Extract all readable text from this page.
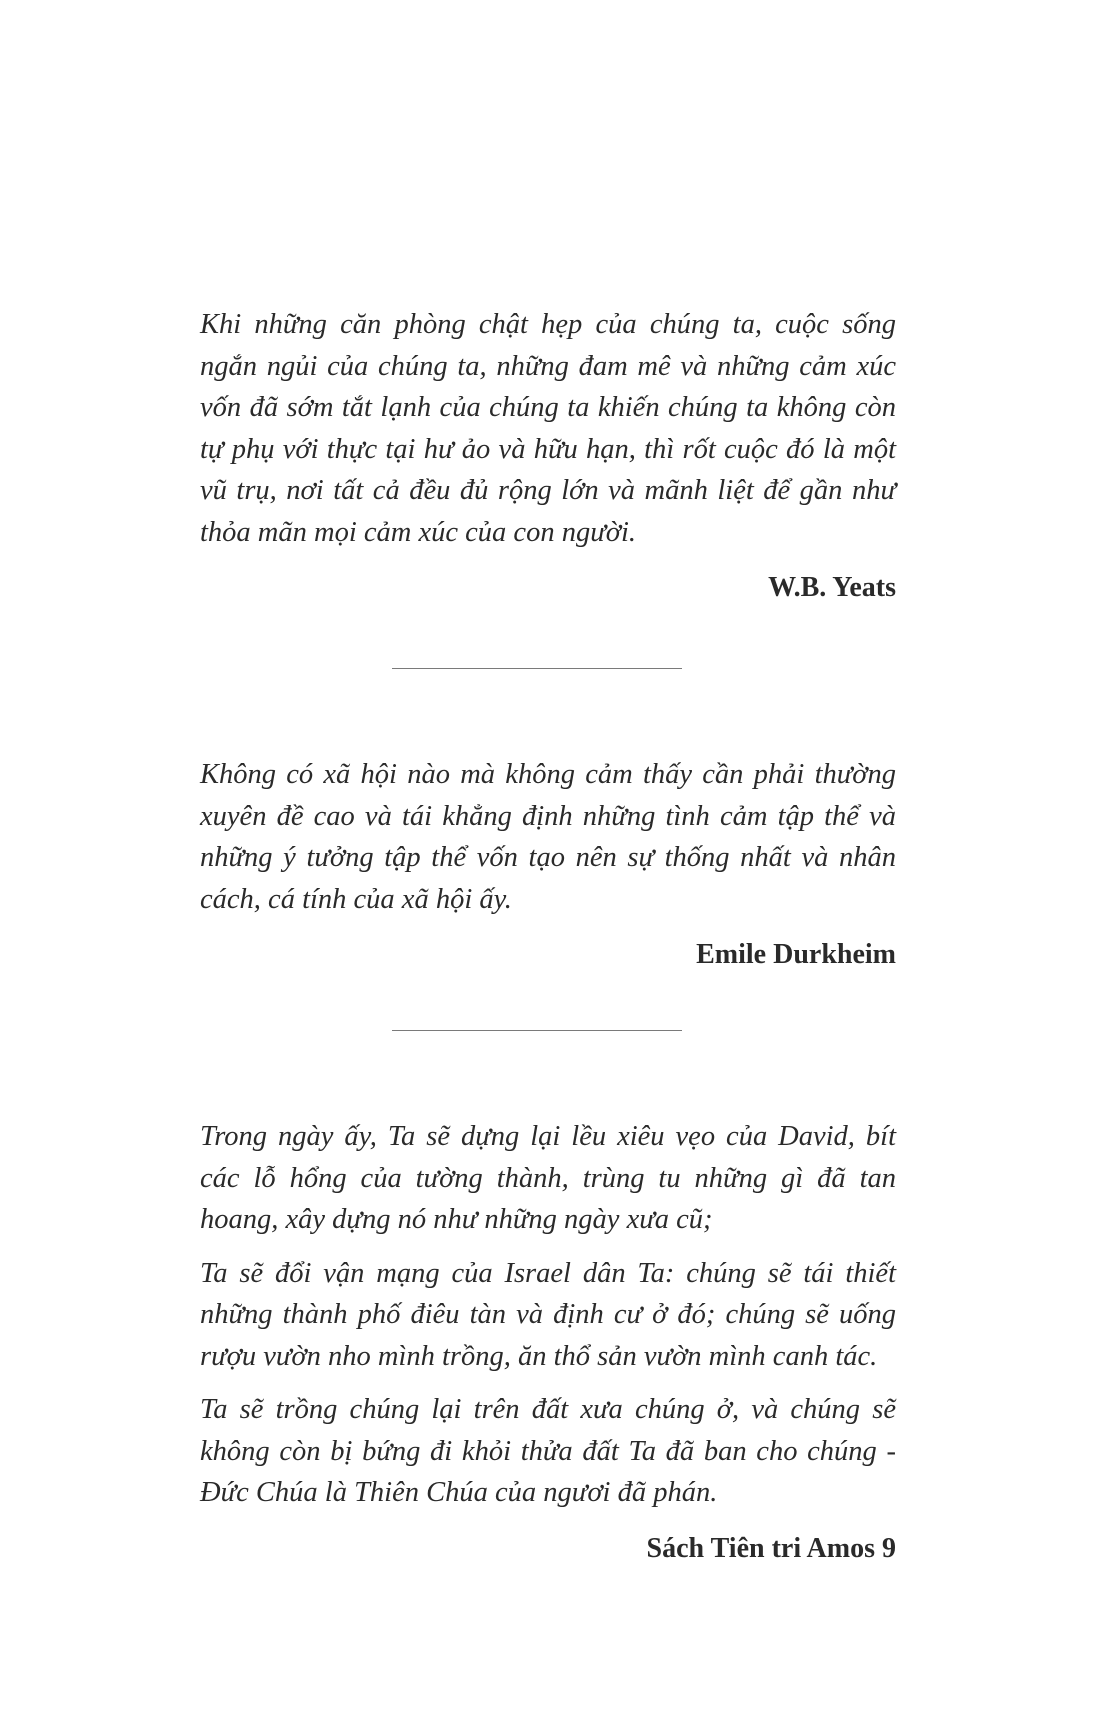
Khi những căn phòng chật hẹp của chúng ta, cuộc sống ngắn ngủi của chúng ta, những đam mê và những cảm xúc vốn đã sớm tắt lạnh của chúng ta khiến chúng ta không còn tự phụ với thực tại hư ảo và hữu hạn, thì rốt cuộc đó là một vũ trụ, nơi tất cả đều đủ rộng lớn và mãnh liệt để gần như thỏa mãn mọi cảm xúc của con người.

W.B. Yeats

Không có xã hội nào mà không cảm thấy cần phải thường xuyên đề cao và tái khẳng định những tình cảm tập thể và những ý tưởng tập thể vốn tạo nên sự thống nhất và nhân cách, cá tính của xã hội ấy.

Emile Durkheim

Trong ngày ấy, Ta sẽ dựng lại lều xiêu vẹo của David, bít các lỗ hổng của tường thành, trùng tu những gì đã tan hoang, xây dựng nó như những ngày xưa cũ;

Ta sẽ đổi vận mạng của Israel dân Ta: chúng sẽ tái thiết những thành phố điêu tàn và định cư ở đó; chúng sẽ uống rượu vườn nho mình trồng, ăn thổ sản vườn mình canh tác.

Ta sẽ trồng chúng lại trên đất xưa chúng ở, và chúng sẽ không còn bị bứng đi khỏi thửa đất Ta đã ban cho chúng - Đức Chúa là Thiên Chúa của ngươi đã phán.

Sách Tiên tri Amos 9
